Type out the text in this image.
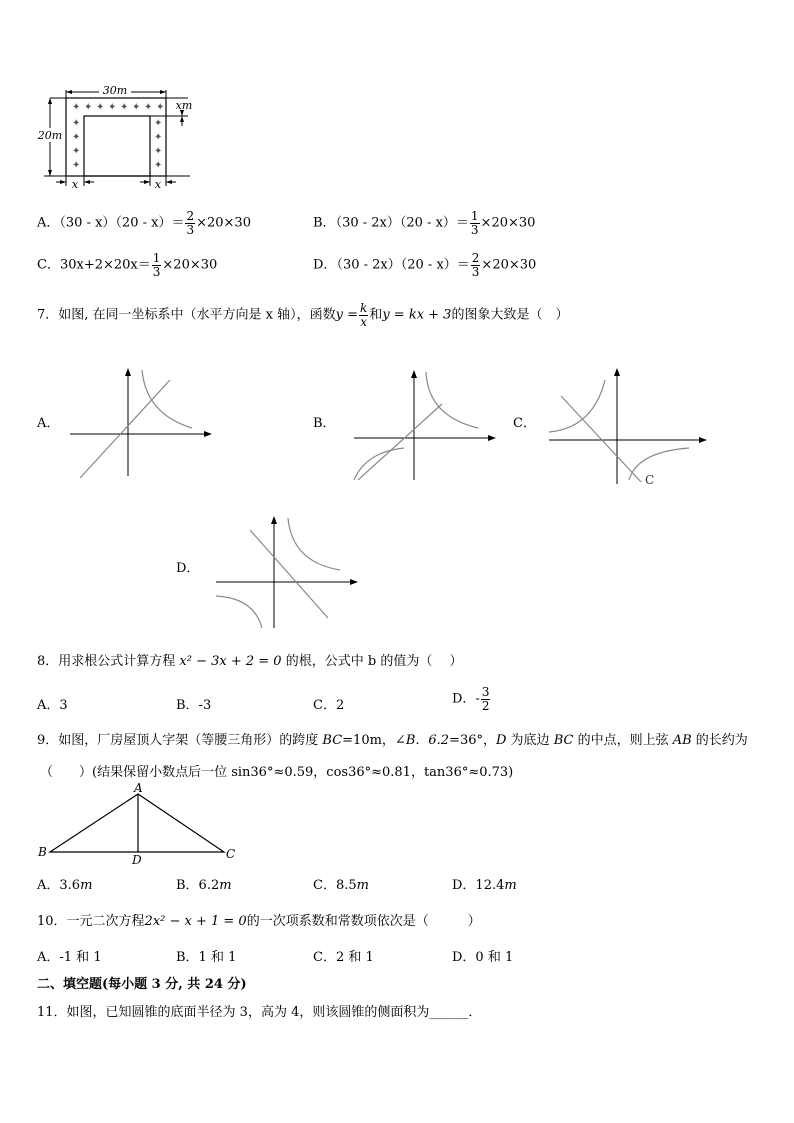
30m
20m
xm
x	x
✦ ✦ ✦ ✦ ✦ ✦ ✦ ✦
✦
✦
✦
✦
✦
✦
✦
✦
A．$(30 - x)(20 - x)= \frac{2}{3} \times 20\times 30$	B．$(30 - 2x)(20 - x)= \frac{1}{3} \times 20\times 30$
C．$30x+2\times 20x= \frac{1}{3} \times 20\times 30$	D．$(30 - 2x)(20 - x)= \frac{2}{3} \times 20\times 30$
7．如图, 在同一坐标系中（水平方向是 x 轴），函数$y = \frac{k}{x}$ 和y = kx + 3的图象大致是（　）
A．	B．	C．
C
D．
8．用求根公式计算方程 x² − 3x + 2 = 0 的根，公式中 b 的值为（　 ）
A．3	B．-3	C．2	D．- $\frac{3}{2}$
9．如图，厂房屋顶人字架（等腰三角形）的跨度 BC=10m，∠B．6.2=36°，D 为底边 BC 的中点，则上弦 AB 的长约为
（　　）(结果保留小数点后一位 sin36°≈0.59，cos36°≈0.81，tan36°≈0.73)
A
B	C
D
A．3.6m	B．6.2m	C．8.5m	D．12.4m
10．一元二次方程2x² − x + 1 = 0的一次项系数和常数项依次是（　　　）
A．-1 和 1	B．1 和 1	C．2 和 1	D．0 和 1
二、填空题(每小题 3 分, 共 24 分)
11．如图，已知圆锥的底面半径为 3，高为 4，则该圆锥的侧面积为______．
